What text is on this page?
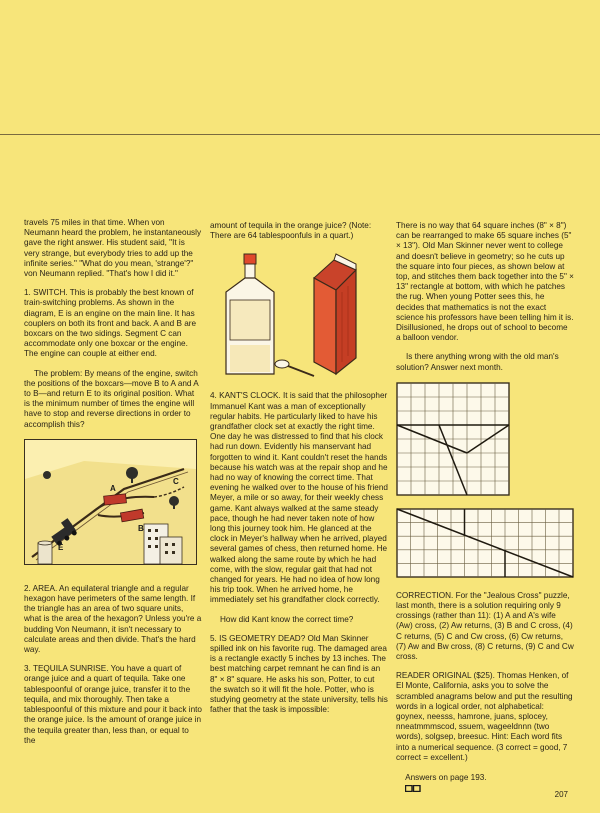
travels 75 miles in that time. When von Neumann heard the problem, he instantaneously gave the right answer. His student said, "It is very strange, but everybody tries to add up the infinite series." "What do you mean, 'strange'?" von Neumann replied. "That's how I did it."

1. SWITCH. This is probably the best known of train-switching problems. As shown in the diagram, E is an engine on the main line. It has couplers on both its front and back. A and B are boxcars on the two sidings. Segment C can accommodate only one boxcar or the engine. The engine can couple at either end.

The problem: By means of the engine, switch the positions of the boxcars—move B to A and A to B—and return E to its original position. What is the minimum number of times the engine will have to stop and reverse directions in order to accomplish this?

A
B
C
E

2. AREA. An equilateral triangle and a regular hexagon have perimeters of the same length. If the triangle has an area of two square units, what is the area of the hexagon? Unless you're a budding Von Neumann, it isn't necessary to calculate areas and then divide. That's the hard way.

3. TEQUILA SUNRISE. You have a quart of orange juice and a quart of tequila. Take one tablespoonful of orange juice, transfer it to the tequila, and mix thoroughly. Then take a tablespoonful of this mixture and pour it back into the orange juice. Is the amount of orange juice in the tequila greater than, less than, or equal to the

amount of tequila in the orange juice? (Note: There are 64 tablespoonfuls in a quart.)

4. KANT'S CLOCK. It is said that the philosopher Immanuel Kant was a man of exceptionally regular habits. He particularly liked to have his grandfather clock set at exactly the right time. One day he was distressed to find that his clock had run down. Evidently his manservant had forgotten to wind it. Kant couldn't reset the hands because his watch was at the repair shop and he had no way of knowing the correct time. That evening he walked over to the house of his friend Meyer, a mile or so away, for their weekly chess game. Kant always walked at the same steady pace, though he had never taken note of how long this journey took him. He glanced at the clock in Meyer's hallway when he arrived, played several games of chess, then returned home. He walked along the same route by which he had come, with the slow, regular gait that had not changed for years. He had no idea of how long his trip took. When he arrived home, he immediately set his grandfather clock correctly.

How did Kant know the correct time?

5. IS GEOMETRY DEAD? Old Man Skinner spilled ink on his favorite rug. The damaged area is a rectangle exactly 5 inches by 13 inches. The best matching carpet remnant he can find is an 8" × 8" square. He asks his son, Potter, to cut the swatch so it will fit the hole. Potter, who is studying geometry at the state university, tells his father that the task is impossible:

There is no way that 64 square inches (8" × 8") can be rearranged to make 65 square inches (5" × 13"). Old Man Skinner never went to college and doesn't believe in geometry; so he cuts up the square into four pieces, as shown below at top, and stitches them back together into the 5" × 13" rectangle at bottom, with which he patches the rug. When young Potter sees this, he decides that mathematics is not the exact science his professors have been telling him it is. Disillusioned, he drops out of school to become a balloon vendor.

Is there anything wrong with the old man's solution? Answer next month.

CORRECTION. For the "Jealous Cross" puzzle, last month, there is a solution requiring only 9 crossings (rather than 11): (1) A and A's wife (Aw) cross, (2) Aw returns, (3) B and C cross, (4) C returns, (5) C and Cw cross, (6) Cw returns, (7) Aw and Bw cross, (8) C returns, (9) C and Cw cross.

READER ORIGINAL ($25). Thomas Henken, of El Monte, California, asks you to solve the scrambled anagrams below and put the resulting words in a logical order, not alphabetical: goynex, neesss, hamrone, juans, splocey, nneatmmmscod, ssuem, wageeldnnn (two words), solgsep, breesuc. Hint: Each word fits into a numerical sequence. (3 correct = good, 7 correct = excellent.)

Answers on page 193.

207
